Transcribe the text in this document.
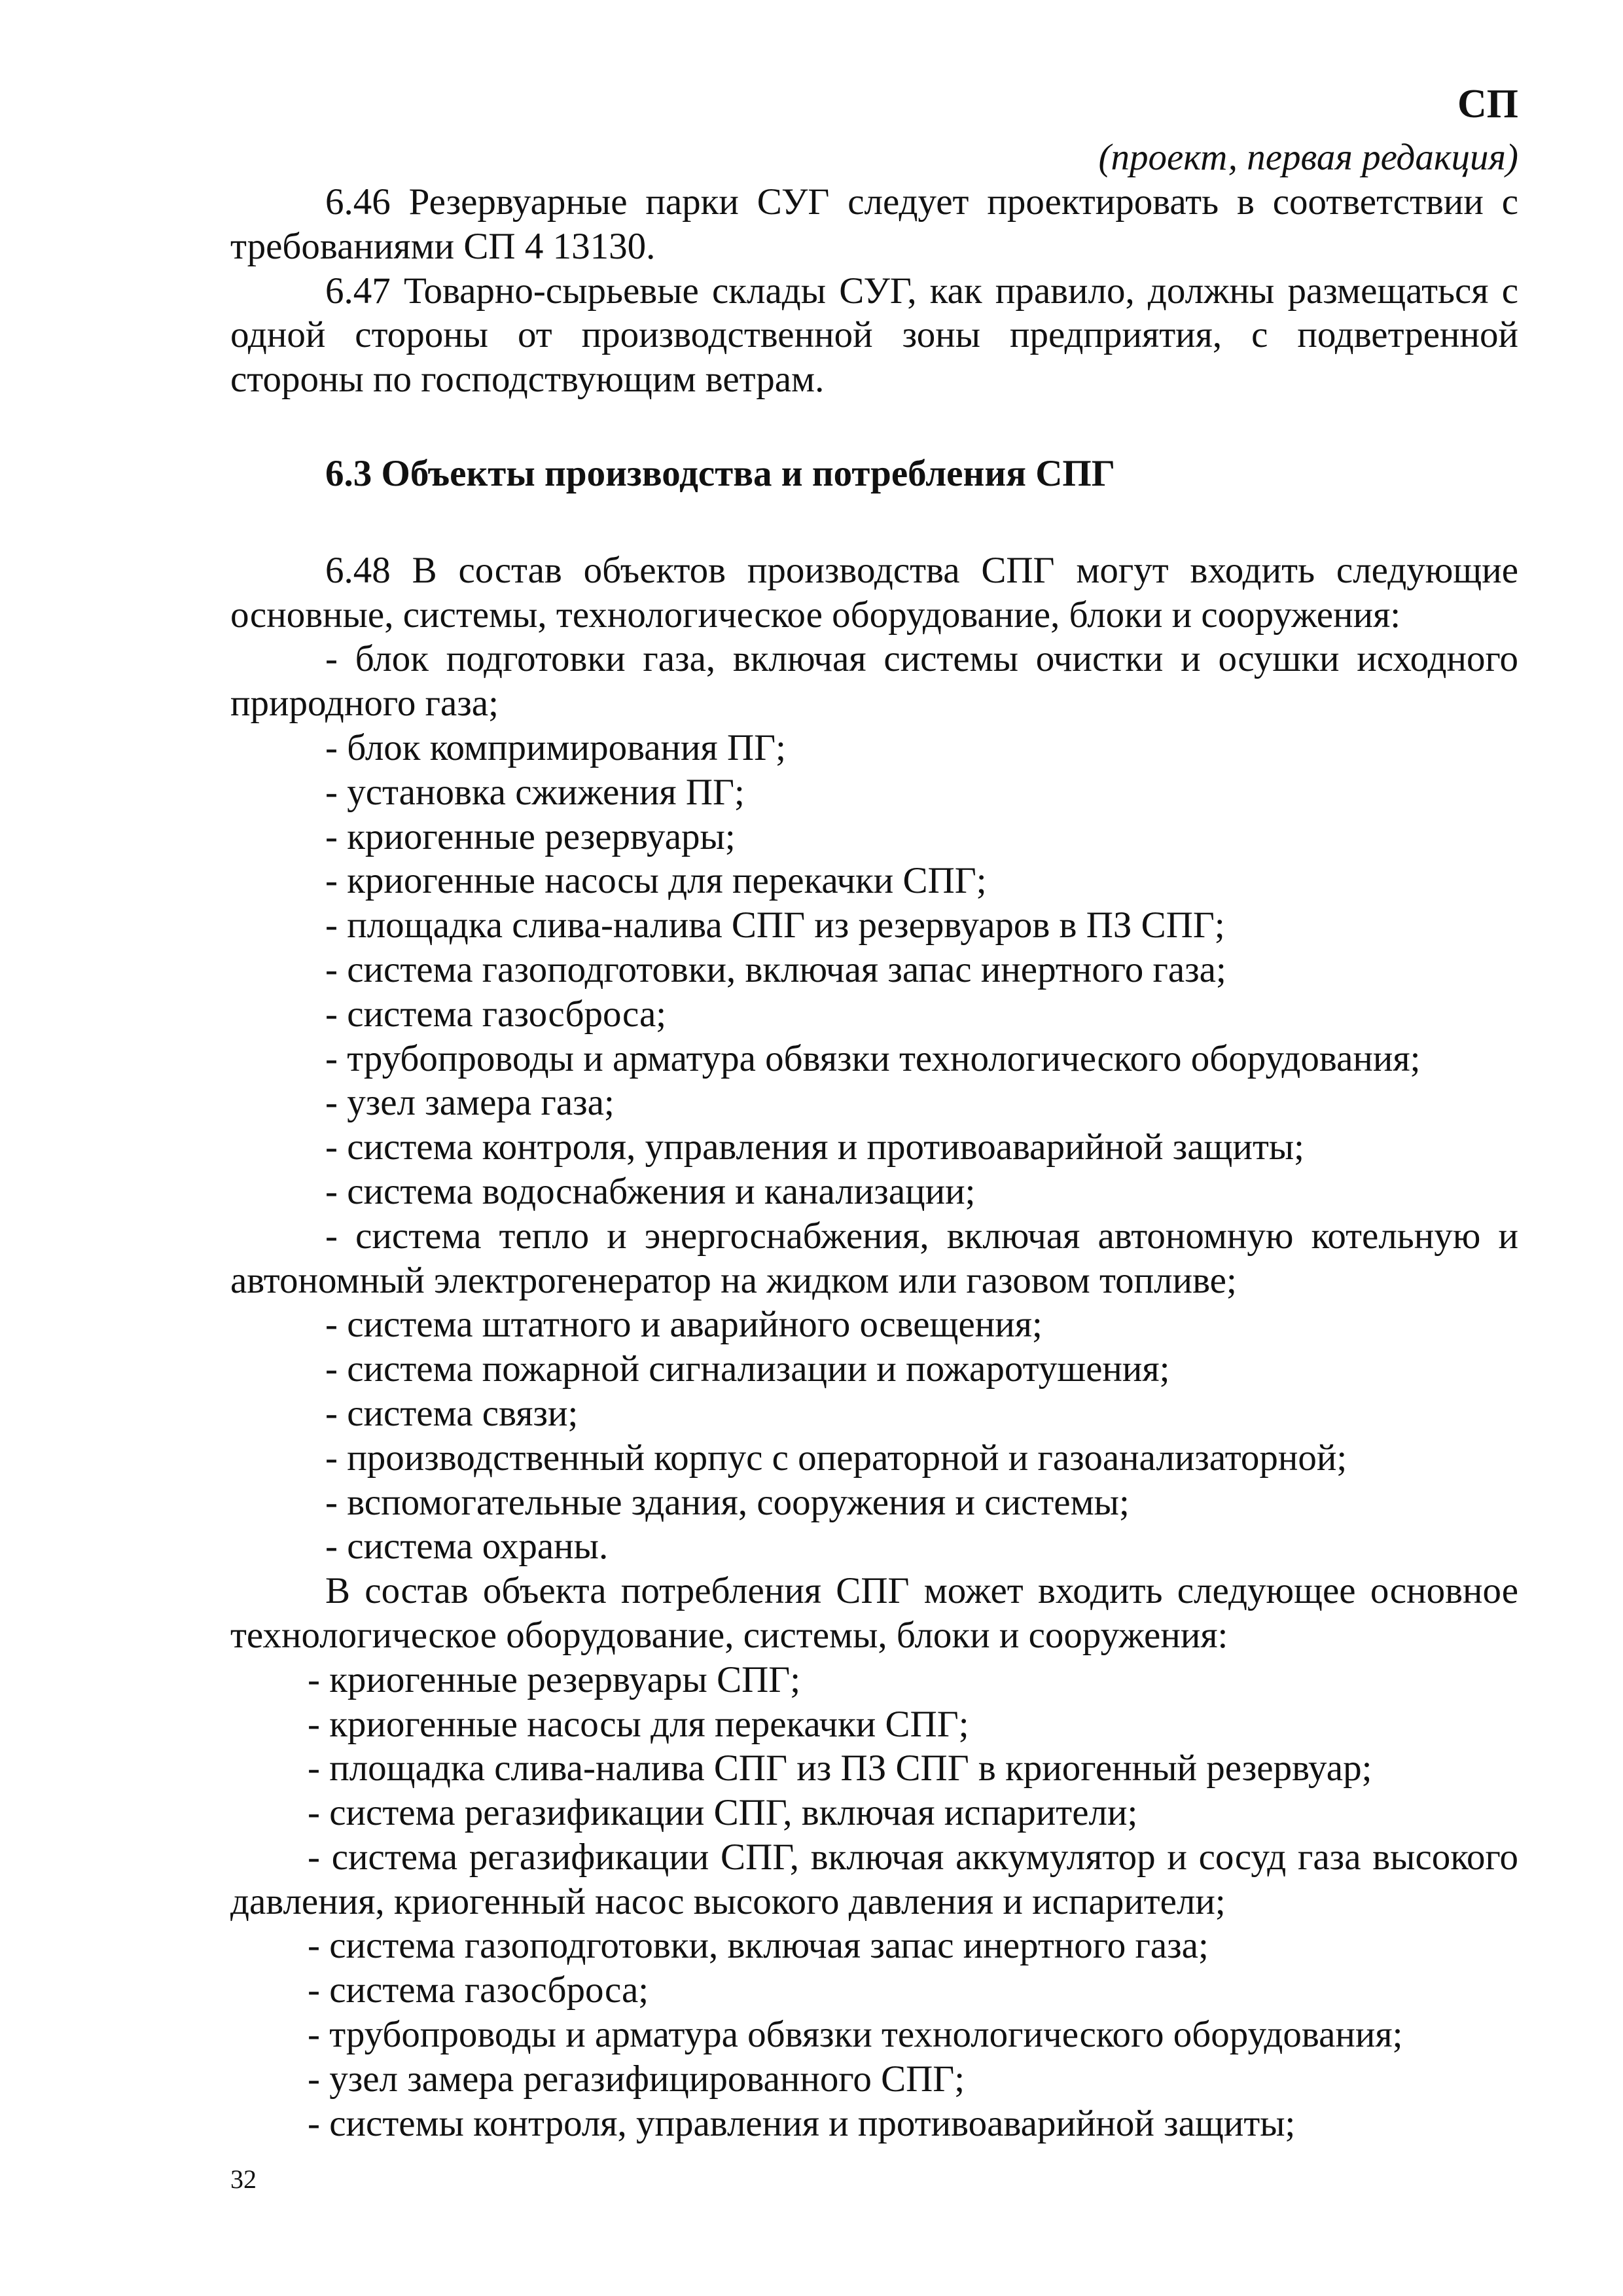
СП
(проект, первая редакция)

6.46 Резервуарные парки СУГ следует проектировать в соответствии с требованиями СП 4 13130.

6.47 Товарно-сырьевые склады СУГ, как правило, должны размещаться с одной стороны от производственной зоны предприятия, с подветренной стороны по господствующим ветрам.

6.3 Объекты производства и потребления СПГ

6.48 В состав объектов производства СПГ могут входить следующие основные, системы, технологическое оборудование, блоки и сооружения:

- блок подготовки газа, включая системы очистки и осушки исходного природного газа;

- блок компримирования ПГ;

- установка сжижения ПГ;

- криогенные резервуары;

- криогенные насосы для перекачки СПГ;

- площадка слива-налива СПГ из резервуаров в ПЗ СПГ;

- система газоподготовки, включая запас инертного газа;

- система газосброса;

- трубопроводы и арматура обвязки технологического оборудования;

- узел замера газа;

- система контроля, управления и противоаварийной защиты;

- система водоснабжения и канализации;

- система тепло и энергоснабжения, включая автономную котельную и автономный электрогенератор на жидком или газовом топливе;

- система штатного и аварийного освещения;

- система пожарной сигнализации и пожаротушения;

- система связи;

- производственный корпус с операторной и газоанализаторной;

- вспомогательные здания, сооружения и системы;

- система охраны.

В состав объекта потребления СПГ может входить следующее основное технологическое оборудование, системы, блоки и сооружения:

- криогенные резервуары СПГ;

- криогенные насосы для перекачки СПГ;

- площадка слива-налива СПГ из ПЗ СПГ в криогенный резервуар;

- система регазификации СПГ, включая испарители;

- система регазификации СПГ, включая аккумулятор и сосуд газа высокого давления, криогенный насос высокого давления и испарители;

- система газоподготовки, включая запас инертного газа;

- система газосброса;

- трубопроводы и арматура обвязки технологического оборудования;

- узел замера регазифицированного СПГ;

- системы контроля, управления и противоаварийной защиты;

32
